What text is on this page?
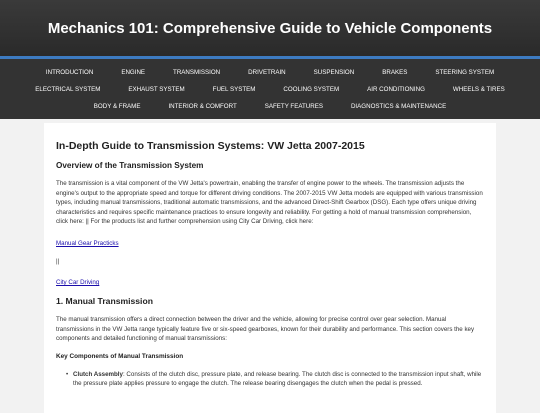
Mechanics 101: Comprehensive Guide to Vehicle Components
INTRODUCTION	ENGINE	TRANSMISSION	DRIVETRAIN	SUSPENSION	BRAKES	STEERING SYSTEM
ELECTRICAL SYSTEM	EXHAUST SYSTEM	FUEL SYSTEM	COOLING SYSTEM	AIR CONDITIONING	WHEELS & TIRES
BODY & FRAME	INTERIOR & COMFORT	SAFETY FEATURES	DIAGNOSTICS & MAINTENANCE
In-Depth Guide to Transmission Systems: VW Jetta 2007-2015
Overview of the Transmission System

The transmission is a vital component of the VW Jetta's powertrain, enabling the transfer of engine power to the wheels. The transmission adjusts the engine's output to the appropriate speed and torque for different driving conditions. The 2007-2015 VW Jetta models are equipped with various transmission types, including manual transmissions, traditional automatic transmissions, and the advanced Direct-Shift Gearbox (DSG). Each type offers unique driving characteristics and requires specific maintenance practices to ensure longevity and reliability. For getting a hold of manual transmission comprehension, click here: || For the products list and further comprehension using City Car Driving, click here:

Manual Gear Practicks
||
City Car Driving
1. Manual Transmission

The manual transmission offers a direct connection between the driver and the vehicle, allowing for precise control over gear selection. Manual transmissions in the VW Jetta range typically feature five or six-speed gearboxes, known for their durability and performance. This section covers the key components and detailed functioning of manual transmissions:

Key Components of Manual Transmission
• Clutch Assembly: Consists of the clutch disc, pressure plate, and release bearing. The clutch disc is connected to the transmission input shaft, while the pressure plate applies pressure to engage the clutch. The release bearing disengages the clutch when the pedal is pressed.
